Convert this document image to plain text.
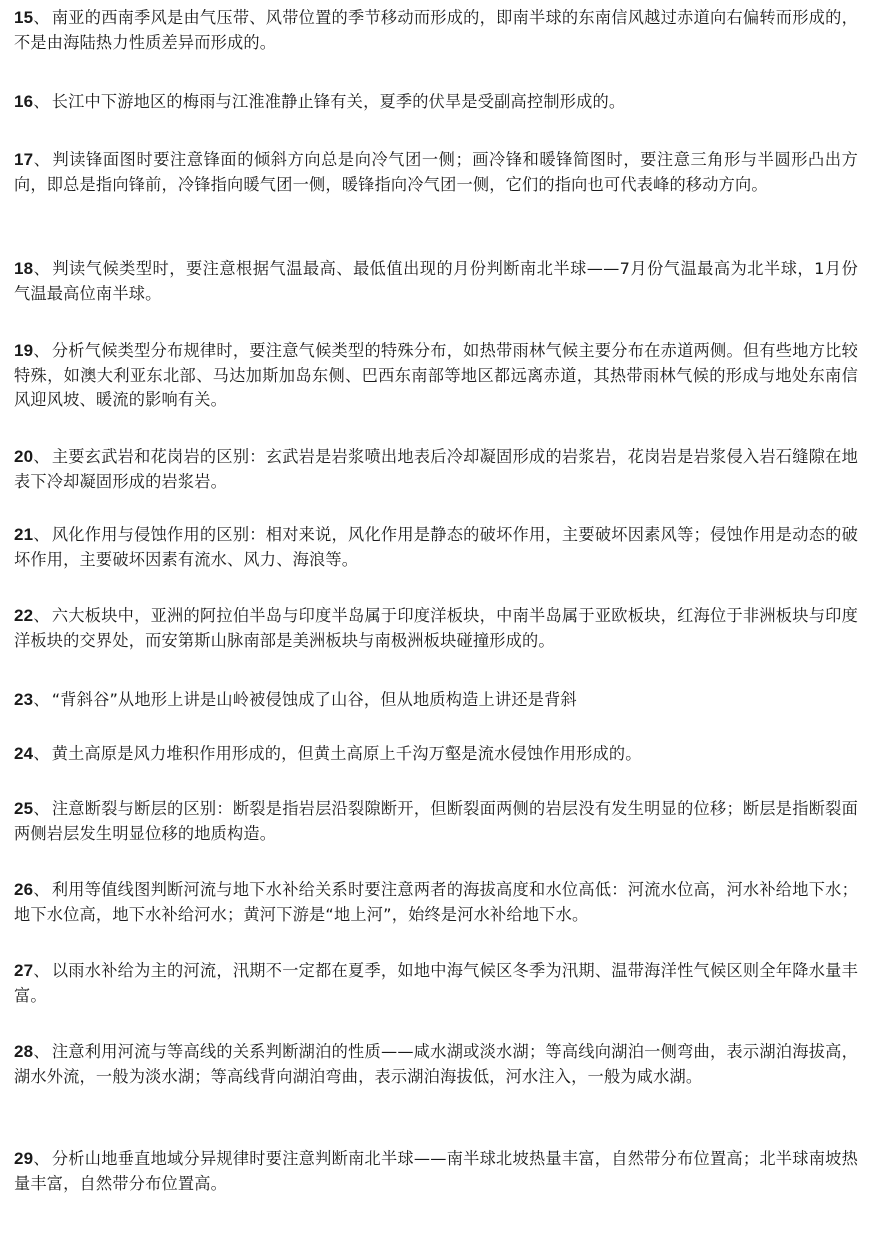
15、 南亚的西南季风是由气压带、风带位置的季节移动而形成的，即南半球的东南信风越过赤道向右偏转而形成的，不是由海陆热力性质差异而形成的。

16、 长江中下游地区的梅雨与江淮准静止锋有关，夏季的伏旱是受副高控制形成的。

17、 判读锋面图时要注意锋面的倾斜方向总是向冷气团一侧；画冷锋和暖锋简图时，要注意三角形与半圆形凸出方向，即总是指向锋前，冷锋指向暖气团一侧，暖锋指向冷气团一侧，它们的指向也可代表峰的移动方向。

18、 判读气候类型时，要注意根据气温最高、最低值出现的月份判断南北半球——7月份气温最高为北半球，1月份气温最高位南半球。

19、 分析气候类型分布规律时，要注意气候类型的特殊分布，如热带雨林气候主要分布在赤道两侧。但有些地方比较特殊，如澳大利亚东北部、马达加斯加岛东侧、巴西东南部等地区都远离赤道，其热带雨林气候的形成与地处东南信风迎风坡、暖流的影响有关。

20、 主要玄武岩和花岗岩的区别：玄武岩是岩浆喷出地表后冷却凝固形成的岩浆岩，花岗岩是岩浆侵入岩石缝隙在地表下冷却凝固形成的岩浆岩。

21、 风化作用与侵蚀作用的区别：相对来说，风化作用是静态的破坏作用，主要破坏因素风等；侵蚀作用是动态的破坏作用，主要破坏因素有流水、风力、海浪等。

22、 六大板块中，亚洲的阿拉伯半岛与印度半岛属于印度洋板块，中南半岛属于亚欧板块，红海位于非洲板块与印度洋板块的交界处，而安第斯山脉南部是美洲板块与南极洲板块碰撞形成的。

23、 “背斜谷”从地形上讲是山岭被侵蚀成了山谷，但从地质构造上讲还是背斜

24、 黄土高原是风力堆积作用形成的，但黄土高原上千沟万壑是流水侵蚀作用形成的。

25、 注意断裂与断层的区别：断裂是指岩层沿裂隙断开，但断裂面两侧的岩层没有发生明显的位移；断层是指断裂面两侧岩层发生明显位移的地质构造。

26、 利用等值线图判断河流与地下水补给关系时要注意两者的海拔高度和水位高低：河流水位高，河水补给地下水；地下水位高，地下水补给河水；黄河下游是“地上河”，始终是河水补给地下水。

27、 以雨水补给为主的河流，汛期不一定都在夏季，如地中海气候区冬季为汛期、温带海洋性气候区则全年降水量丰富。

28、 注意利用河流与等高线的关系判断湖泊的性质——咸水湖或淡水湖；等高线向湖泊一侧弯曲，表示湖泊海拔高，湖水外流，一般为淡水湖；等高线背向湖泊弯曲，表示湖泊海拔低，河水注入，一般为咸水湖。

29、 分析山地垂直地域分异规律时要注意判断南北半球——南半球北坡热量丰富，自然带分布位置高；北半球南坡热量丰富，自然带分布位置高。
